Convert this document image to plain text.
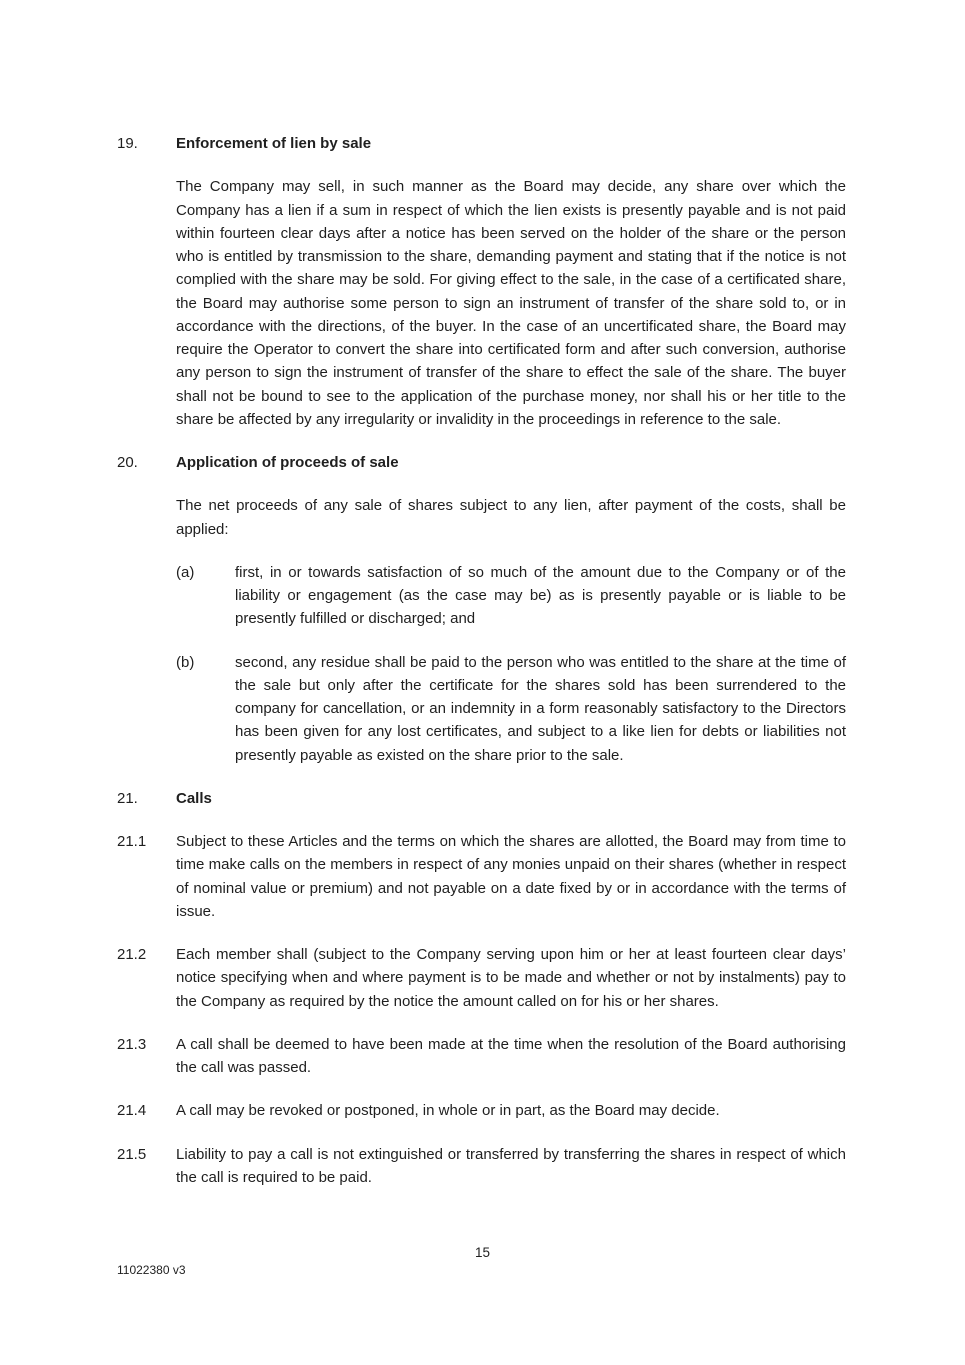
19.	Enforcement of lien by sale

The Company may sell, in such manner as the Board may decide, any share over which the Company has a lien if a sum in respect of which the lien exists is presently payable and is not paid within fourteen clear days after a notice has been served on the holder of the share or the person who is entitled by transmission to the share, demanding payment and stating that if the notice is not complied with the share may be sold. For giving effect to the sale, in the case of a certificated share, the Board may authorise some person to sign an instrument of transfer of the share sold to, or in accordance with the directions, of the buyer. In the case of an uncertificated share, the Board may require the Operator to convert the share into certificated form and after such conversion, authorise any person to sign the instrument of transfer of the share to effect the sale of the share. The buyer shall not be bound to see to the application of the purchase money, nor shall his or her title to the share be affected by any irregularity or invalidity in the proceedings in reference to the sale.

20.	Application of proceeds of sale

The net proceeds of any sale of shares subject to any lien, after payment of the costs, shall be applied:

(a)	first, in or towards satisfaction of so much of the amount due to the Company or of the liability or engagement (as the case may be) as is presently payable or is liable to be presently fulfilled or discharged; and

(b)	second, any residue shall be paid to the person who was entitled to the share at the time of the sale but only after the certificate for the shares sold has been surrendered to the company for cancellation, or an indemnity in a form reasonably satisfactory to the Directors has been given for any lost certificates, and subject to a like lien for debts or liabilities not presently payable as existed on the share prior to the sale.

21.	Calls
21.1	Subject to these Articles and the terms on which the shares are allotted, the Board may from time to time make calls on the members in respect of any monies unpaid on their shares (whether in respect of nominal value or premium) and not payable on a date fixed by or in accordance with the terms of issue.

21.2	Each member shall (subject to the Company serving upon him or her at least fourteen clear days’ notice specifying when and where payment is to be made and whether or not by instalments) pay to the Company as required by the notice the amount called on for his or her shares.

21.3	A call shall be deemed to have been made at the time when the resolution of the Board authorising the call was passed.

21.4	A call may be revoked or postponed, in whole or in part, as the Board may decide.

21.5	Liability to pay a call is not extinguished or transferred by transferring the shares in respect of which the call is required to be paid.

15
11022380 v3
